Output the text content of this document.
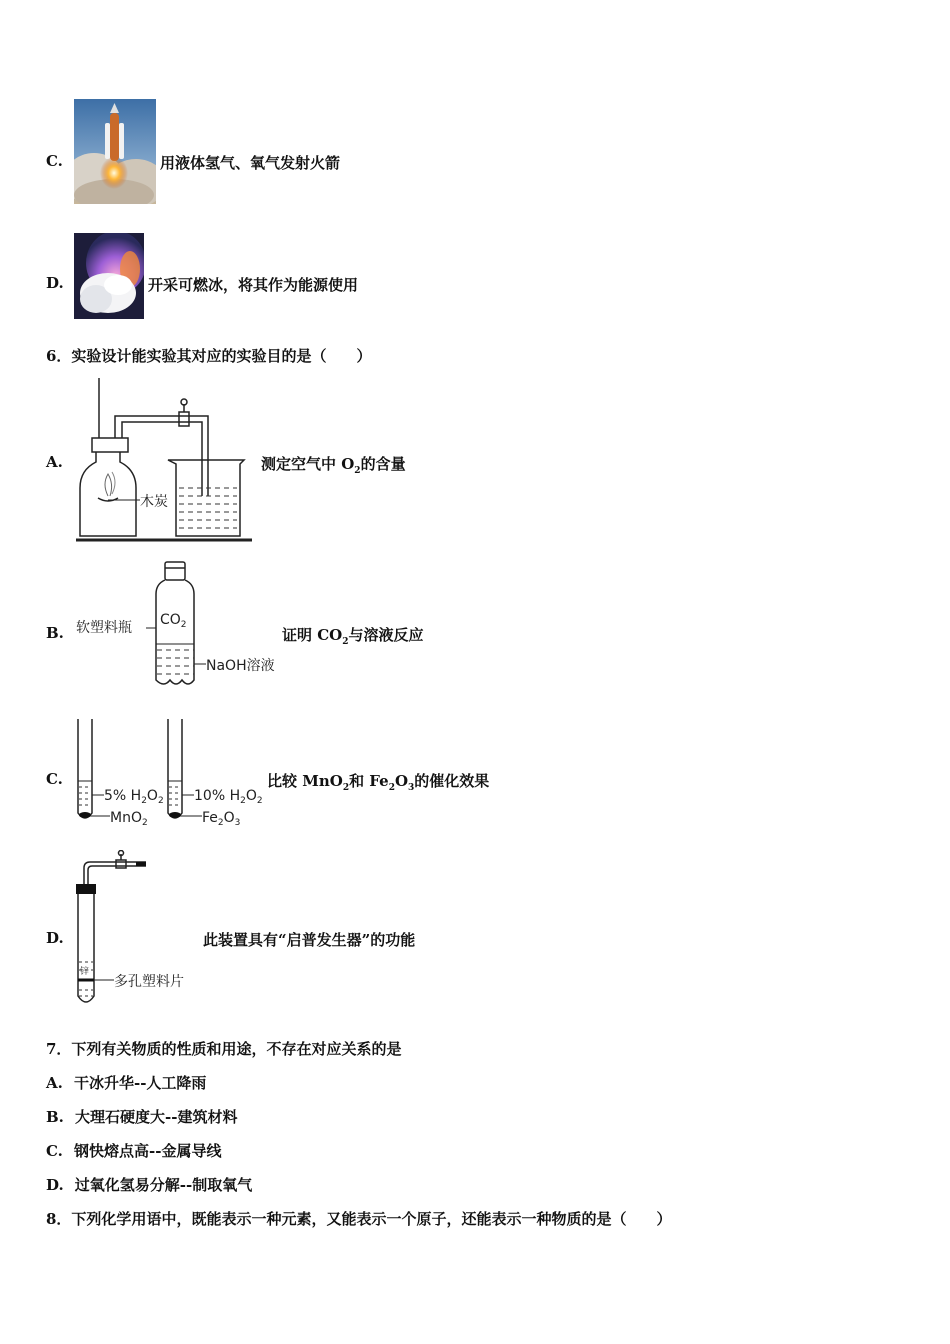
C.	用液体氢气、氧气发射火箭
D.	开采可燃冰，将其作为能源使用
6．实验设计能实验其对应的实验目的是（　　）
A.
木炭
测定空气中 $O_2$的含量
B. 软塑料瓶 $CO_2$
NaOH溶液
证明 $CO_2$与溶液反应
C.
5% $H_2O_2$
MnO$_2$
10% $H_2O_2$
$Fe_2O_3$
比较 MnO$_2$和 $Fe_2O_3$的催化效果
D.
锌
多孔塑料片
此装置具有“启普发生器”的功能
7．下列有关物质的性质和用途，不存在对应关系的是
A. 干冰升华--人工降雨
B. 大理石硬度大--建筑材料
C. 钢快熔点高--金属导线
D. 过氧化氢易分解--制取氧气
8．下列化学用语中，既能表示一种元素，又能表示一个原子，还能表示一种物质的是（　　）
